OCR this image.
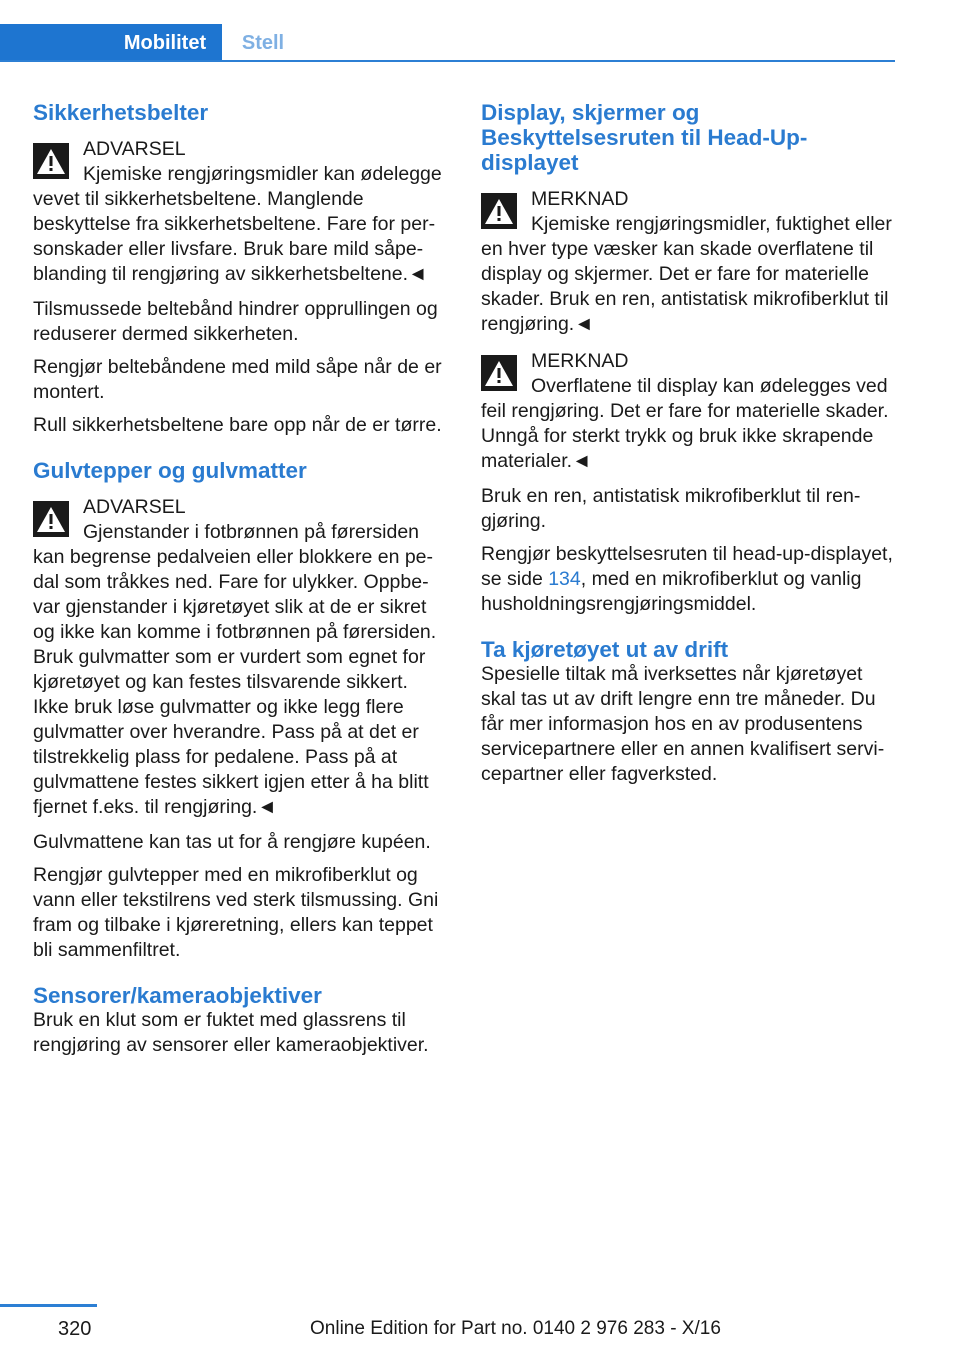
Mobilitet	Stell
Sikkerhetsbelter

ADVARSEL

Kjemiske rengjøringsmidler kan ødelegge vevet til sikkerhetsbeltene. Manglende beskyttelse fra sikkerhetsbeltene. Fare for personskader eller livsfare. Bruk bare mild såpeblanding til rengjøring av sikkerhetsbeltene.◄

Tilsmussede beltebånd hindrer opprullingen og reduserer dermed sikkerheten.

Rengjør beltebåndene med mild såpe når de er montert.

Rull sikkerhetsbeltene bare opp når de er tørre.

Gulvtepper og gulvmatter

ADVARSEL

Gjenstander i fotbrønnen på førersiden kan begrense pedalveien eller blokkere en pedal som tråkkes ned. Fare for ulykker. Oppbevar gjenstander i kjøretøyet slik at de er sikret og ikke kan komme i fotbrønnen på førersiden. Bruk gulvmatter som er vurdert som egnet for kjøretøyet og kan festes tilsvarende sikkert. Ikke bruk løse gulvmatter og ikke legg flere gulvmatter over hverandre. Pass på at det er tilstrekkelig plass for pedalene. Pass på at gulvmattene festes sikkert igjen etter å ha blitt fjernet f.eks. til rengjøring.◄

Gulvmattene kan tas ut for å rengjøre kupéen.

Rengjør gulvtepper med en mikrofiberklut og vann eller tekstilrens ved sterk tilsmussing. Gni fram og tilbake i kjøreretning, ellers kan teppet bli sammenfiltret.

Sensorer/kameraobjektiver

Bruk en klut som er fuktet med glassrens til rengjøring av sensorer eller kameraobjektiver.

Display, skjermer og Beskyttelsesruten til Head-Up-displayet

MERKNAD

Kjemiske rengjøringsmidler, fuktighet eller en hver type væsker kan skade overflatene til display og skjermer. Det er fare for materielle skader. Bruk en ren, antistatisk mikrofiberklut til rengjøring.◄

MERKNAD

Overflatene til display kan ødelegges ved feil rengjøring. Det er fare for materielle skader. Unngå for sterkt trykk og bruk ikke skrapende materialer.◄

Bruk en ren, antistatisk mikrofiberklut til rengjøring.

Rengjør beskyttelsesruten til head-up-displayet, se side 134, med en mikrofiberklut og vanlig husholdningsrengjøringsmiddel.

Ta kjøretøyet ut av drift

Spesielle tiltak må iverksettes når kjøretøyet skal tas ut av drift lengre enn tre måneder. Du får mer informasjon hos en av produsentens servicepartnere eller en annen kvalifisert servicepartner eller fagverksted.

320	Online Edition for Part no. 0140 2 976 283 - X/16
